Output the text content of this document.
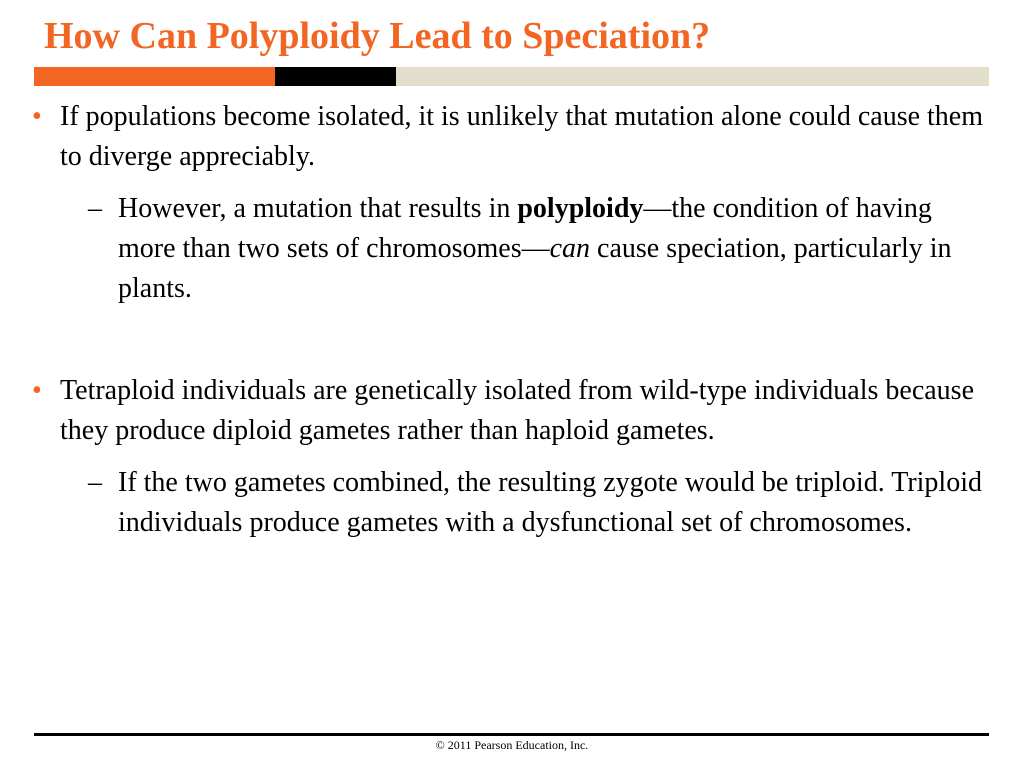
How Can Polyploidy Lead to Speciation?
• If populations become isolated, it is unlikely that mutation alone could cause them to diverge appreciably.
– However, a mutation that results in polyploidy—the condition of having more than two sets of chromosomes—can cause speciation, particularly in plants.
• Tetraploid individuals are genetically isolated from wild-type individuals because they produce diploid gametes rather than haploid gametes.
– If the two gametes combined, the resulting zygote would be triploid. Triploid individuals produce gametes with a dysfunctional set of chromosomes.
© 2011 Pearson Education, Inc.
